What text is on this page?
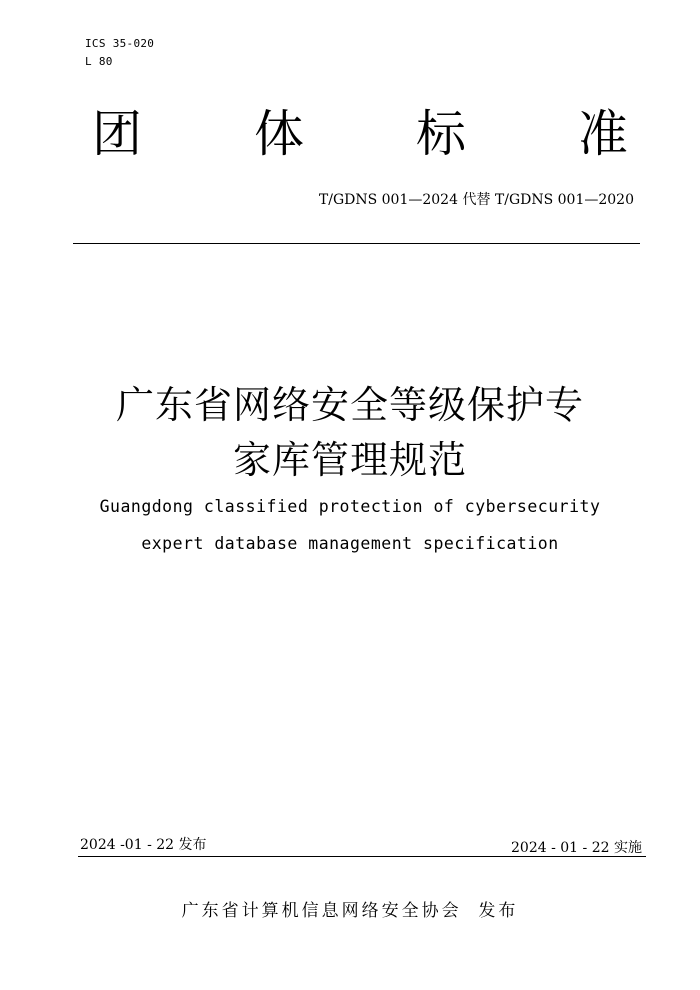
ICS 35-020
L 80
团 体 标 准
T/GDNS 001—2024 代替 T/GDNS 001—2020
广东省网络安全等级保护专
家库管理规范
Guangdong classified protection of cybersecurity
expert database management specification
2024 -01 - 22 发布	2024 - 01 - 22 实施
广东省计算机信息网络安全协会  发布
